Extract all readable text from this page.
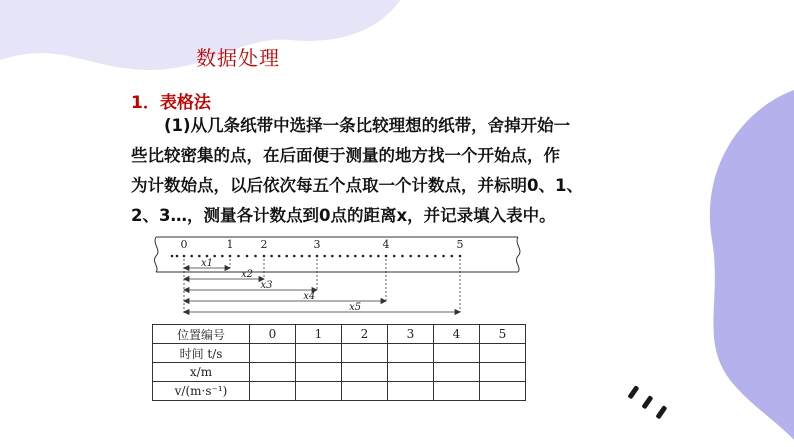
数据处理
1．表格法
(1)从几条纸带中选择一条比较理想的纸带，舍掉开始一
些比较密集的点，在后面便于测量的地方找一个开始点，作
为计数始点，以后依次每五个点取一个计数点，并标明0、1、
2、3…，测量各计数点到0点的距离x，并记录填入表中。
0	1 2	3	4	5
x1
x2
x3
x4
x5
位置编号	0	1	2	3	4	5
时间 t/s						
x/m						
v/(m·s⁻¹)						
